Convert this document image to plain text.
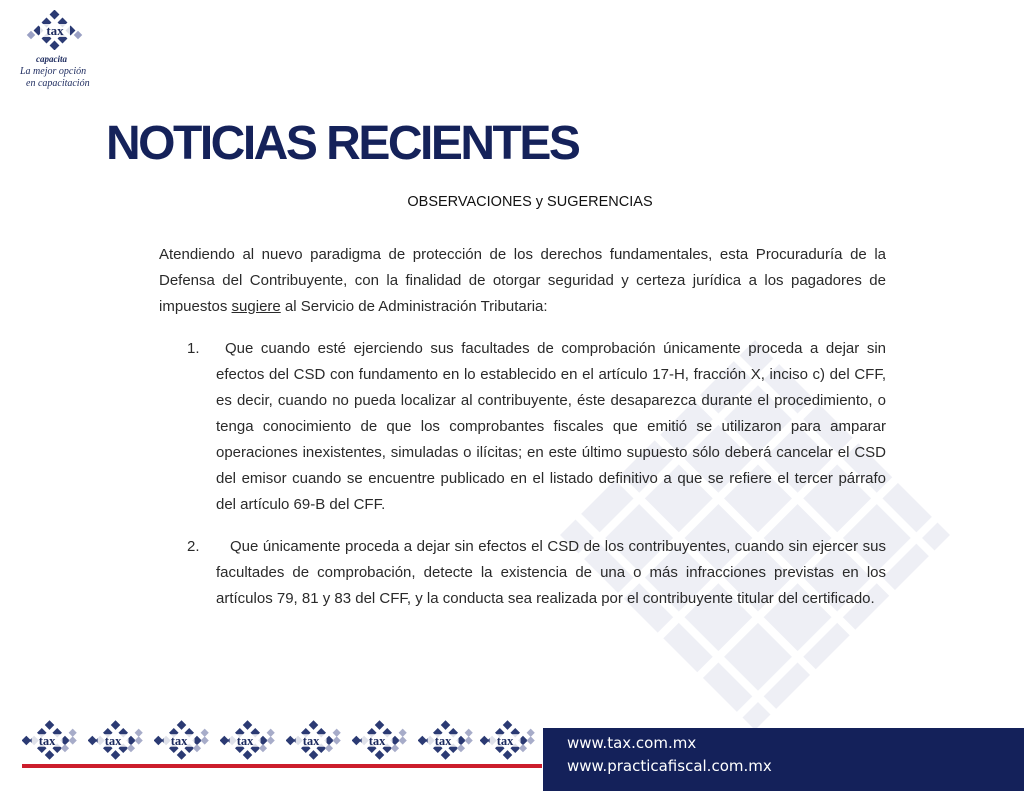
tax
capacita
La mejor opción
en capacitación
NOTICIAS RECIENTES
OBSERVACIONES y SUGERENCIAS

Atendiendo al nuevo paradigma de protección de los derechos fundamentales, esta Procuraduría de la Defensa del Contribuyente, con la finalidad de otorgar seguridad y certeza jurídica a los pagadores de impuestos sugiere al Servicio de Administración Tributaria:

1. Que cuando esté ejerciendo sus facultades de comprobación únicamente proceda a dejar sin efectos del CSD con fundamento en lo establecido en el artículo 17-H, fracción X, inciso c) del CFF, es decir, cuando no pueda localizar al contribuyente, éste desaparezca durante el procedimiento, o tenga conocimiento de que los comprobantes fiscales que emitió se utilizaron para amparar operaciones inexistentes, simuladas o ilícitas; en este último supuesto sólo deberá cancelar el CSD del emisor cuando se encuentre publicado en el listado definitivo a que se refiere el tercer párrafo del artículo 69-B del CFF.
2. Que únicamente proceda a dejar sin efectos el CSD de los contribuyentes, cuando sin ejercer sus facultades de comprobación, detecte la existencia de una o más infracciones previstas en los artículos 79, 81 y 83 del CFF, y la conducta sea realizada por el contribuyente titular del certificado.
tax	tax	tax	tax	tax	tax	tax	tax	www.tax.com.mx
www.practicafiscal.com.mx
